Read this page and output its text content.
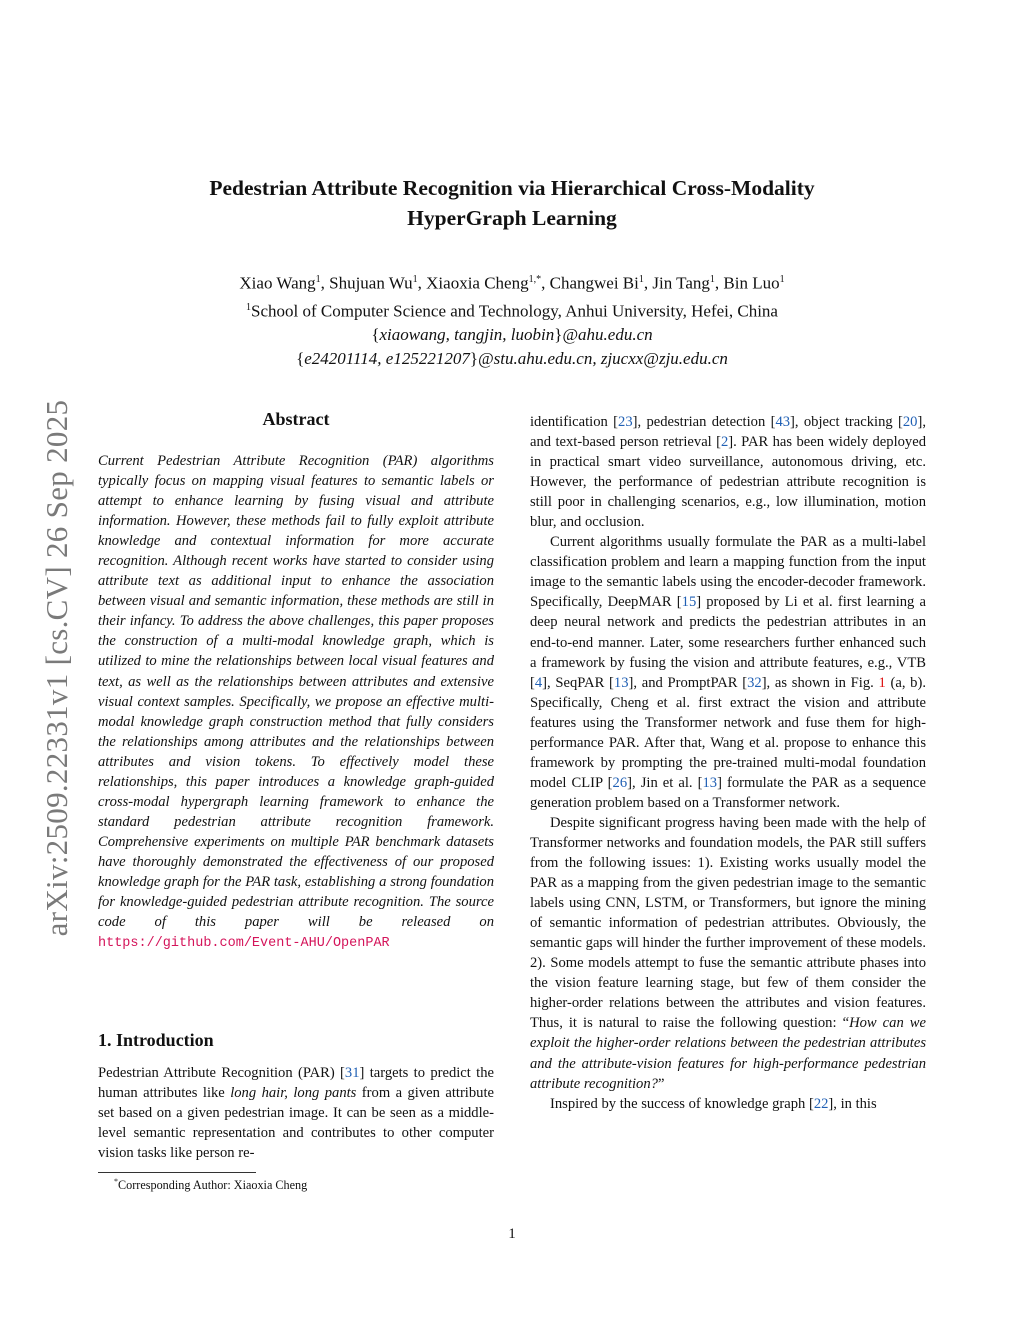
Pedestrian Attribute Recognition via Hierarchical Cross-Modality
HyperGraph Learning
Xiao Wang$^1$, Shujuan Wu$^1$, Xiaoxia Cheng$^{1,*}$, Changwei Bi$^1$, Jin Tang$^1$, Bin Luo$^1$
$^1$School of Computer Science and Technology, Anhui University, Hefei, China
{xiaowang, tangjin, luobin}@ahu.edu.cn
{e24201114, e125221207}@stu.ahu.edu.cn, zjucxx@zju.edu.cn
arXiv:2509.22331v1 [cs.CV] 26 Sep 2025	Abstract
Current Pedestrian Attribute Recognition (PAR) algorithms typically focus on mapping visual features to semantic labels or attempt to enhance learning by fusing visual and attribute information. However, these methods fail to fully exploit attribute knowledge and contextual information for more accurate recognition. Although recent works have started to consider using attribute text as additional input to enhance the association between visual and semantic information, these methods are still in their infancy. To address the above challenges, this paper proposes the construction of a multi-modal knowledge graph, which is utilized to mine the relationships between local visual features and text, as well as the relationships between attributes and extensive visual context samples. Specifically, we propose an effective multi-modal knowledge graph construction method that fully considers the relationships among attributes and the relationships between attributes and vision tokens. To effectively model these relationships, this paper introduces a knowledge graph-guided cross-modal hypergraph learning framework to enhance the standard pedestrian attribute recognition framework. Comprehensive experiments on multiple PAR benchmark datasets have thoroughly demonstrated the effectiveness of our proposed knowledge graph for the PAR task, establishing a strong foundation for knowledge-guided pedestrian attribute recognition. The source code of this paper will be released on https://github.com/Event-AHU/OpenPAR
1. Introduction
Pedestrian Attribute Recognition (PAR) [31] targets to predict the human attributes like long hair, long pants from a given attribute set based on a given pedestrian image. It can be seen as a middle-level semantic representation and contributes to other computer vision tasks like person re-
*Corresponding Author: Xiaoxia Cheng

identification [23], pedestrian detection [43], object tracking [20], and text-based person retrieval [2]. PAR has been widely deployed in practical smart video surveillance, autonomous driving, etc. However, the performance of pedestrian attribute recognition is still poor in challenging scenarios, e.g., low illumination, motion blur, and occlusion.

Current algorithms usually formulate the PAR as a multi-label classification problem and learn a mapping function from the input image to the semantic labels using the encoder-decoder framework. Specifically, DeepMAR [15] proposed by Li et al. first learning a deep neural network and predicts the pedestrian attributes in an end-to-end manner. Later, some researchers further enhanced such a framework by fusing the vision and attribute features, e.g., VTB [4], SeqPAR [13], and PromptPAR [32], as shown in Fig. 1 (a, b). Specifically, Cheng et al. first extract the vision and attribute features using the Transformer network and fuse them for high-performance PAR. After that, Wang et al. propose to enhance this framework by prompting the pre-trained multi-modal foundation model CLIP [26], Jin et al. [13] formulate the PAR as a sequence generation problem based on a Transformer network.

Despite significant progress having been made with the help of Transformer networks and foundation models, the PAR still suffers from the following issues: 1). Existing works usually model the PAR as a mapping from the given pedestrian image to the semantic labels using CNN, LSTM, or Transformers, but ignore the mining of semantic information of pedestrian attributes. Obviously, the semantic gaps will hinder the further improvement of these models. 2). Some models attempt to fuse the semantic attribute phases into the vision feature learning stage, but few of them consider the higher-order relations between the attributes and vision features. Thus, it is natural to raise the following question: “How can we exploit the higher-order relations between the pedestrian attributes and the attribute-vision features for high-performance pedestrian attribute recognition?”

Inspired by the success of knowledge graph [22], in this

1
